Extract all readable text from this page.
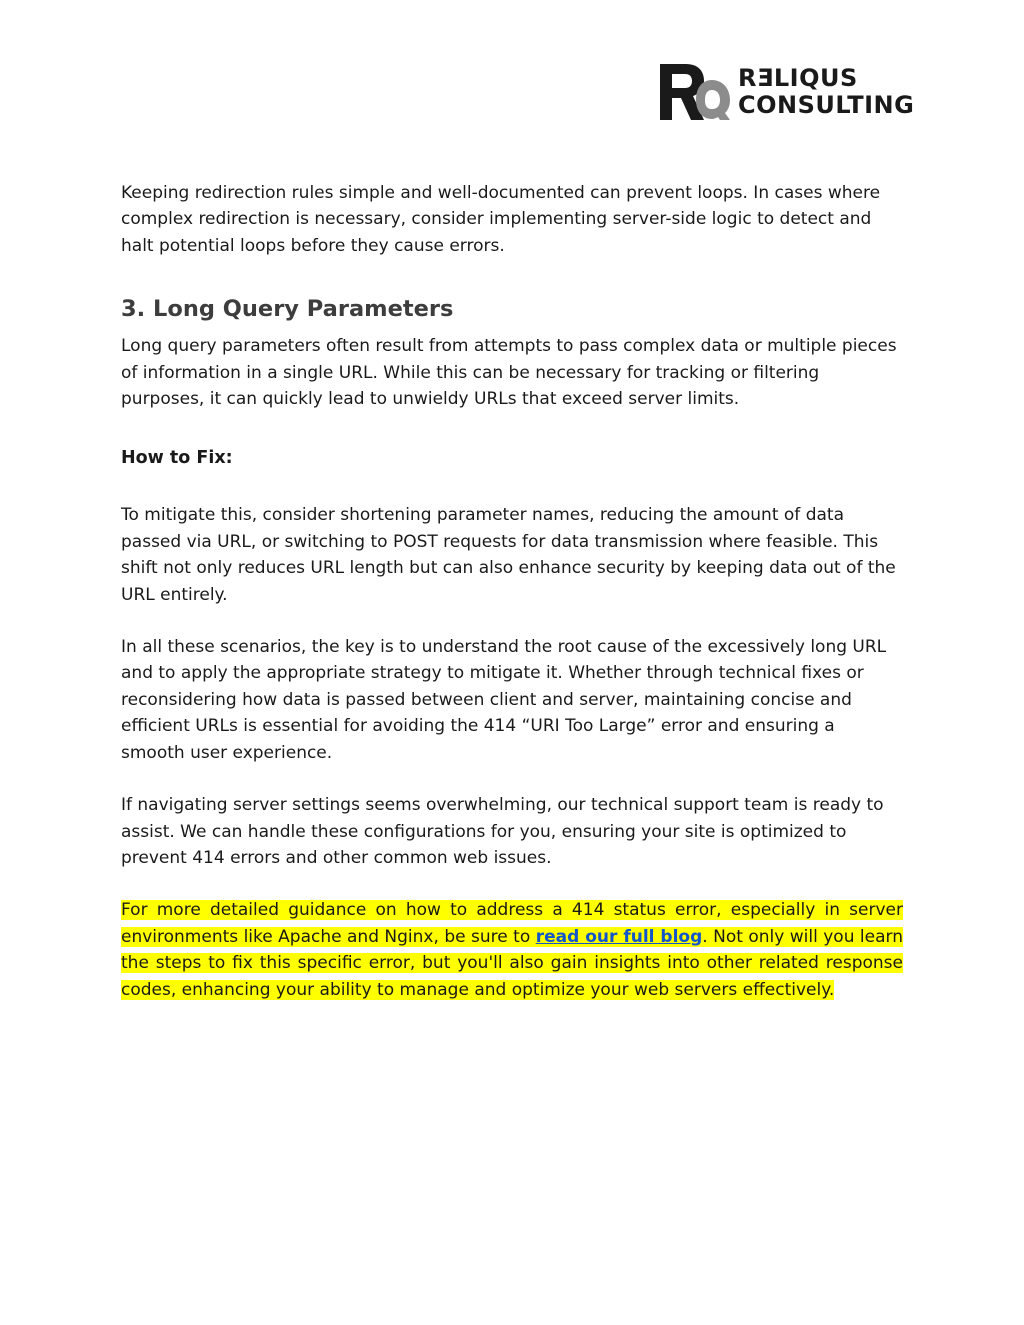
RƎLIQUS
CONSULTING

Keeping redirection rules simple and well-documented can prevent loops. In cases where complex redirection is necessary, consider implementing server-side logic to detect and halt potential loops before they cause errors.

3. Long Query Parameters

Long query parameters often result from attempts to pass complex data or multiple pieces of information in a single URL. While this can be necessary for tracking or filtering purposes, it can quickly lead to unwieldy URLs that exceed server limits.

How to Fix:

To mitigate this, consider shortening parameter names, reducing the amount of data passed via URL, or switching to POST requests for data transmission where feasible. This shift not only reduces URL length but can also enhance security by keeping data out of the URL entirely.

In all these scenarios, the key is to understand the root cause of the excessively long URL and to apply the appropriate strategy to mitigate it. Whether through technical fixes or reconsidering how data is passed between client and server, maintaining concise and efficient URLs is essential for avoiding the 414 “URI Too Large” error and ensuring a smooth user experience.

If navigating server settings seems overwhelming, our technical support team is ready to assist. We can handle these configurations for you, ensuring your site is optimized to prevent 414 errors and other common web issues.

For more detailed guidance on how to address a 414 status error, especially in server environments like Apache and Nginx, be sure to read our full blog. Not only will you learn the steps to fix this specific error, but you'll also gain insights into other related response codes, enhancing your ability to manage and optimize your web servers effectively.
